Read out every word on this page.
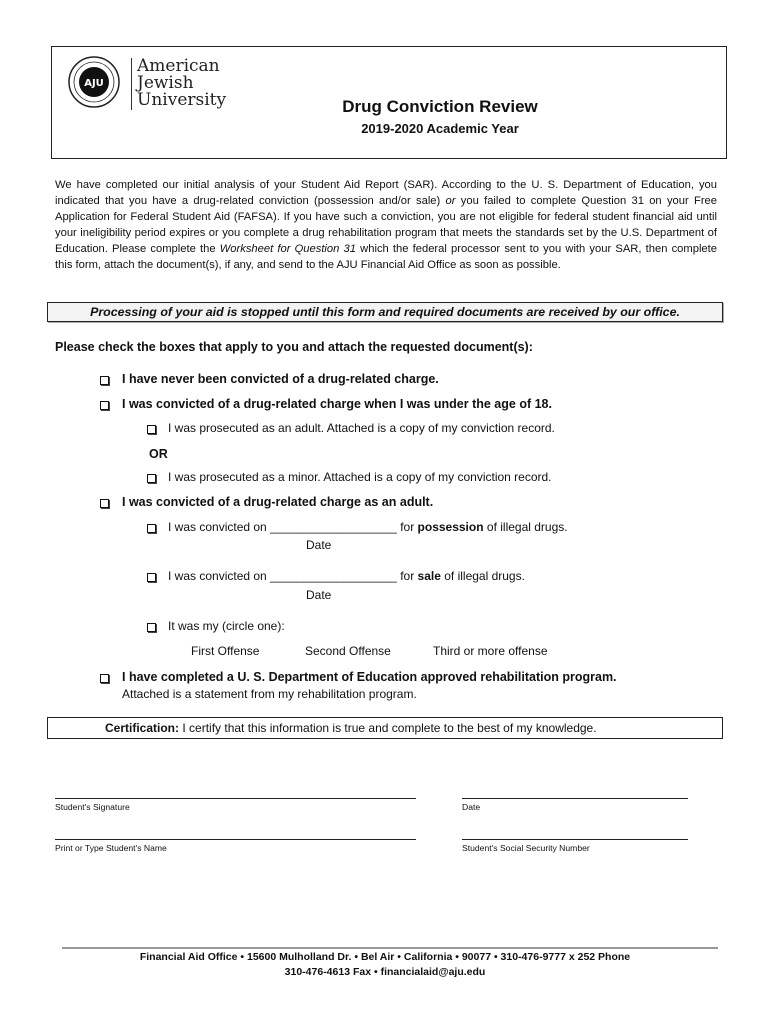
AJU
American
Jewish
University	Drug Conviction Review
2019-2020 Academic Year
We have completed our initial analysis of your Student Aid Report (SAR). According to the U. S. Department of Education, you indicated that you have a drug-related conviction (possession and/or sale) or you failed to complete Question 31 on your Free Application for Federal Student Aid (FAFSA). If you have such a conviction, you are not eligible for federal student financial aid until your ineligibility period expires or you complete a drug rehabilitation program that meets the standards set by the U.S. Department of Education. Please complete the Worksheet for Question 31 which the federal processor sent to you with your SAR, then complete this form, attach the document(s), if any, and send to the AJU Financial Aid Office as soon as possible.
Processing of your aid is stopped until this form and required documents are received by our office.
Please check the boxes that apply to you and attach the requested document(s):
I have never been convicted of a drug-related charge.
I was convicted of a drug-related charge when I was under the age of 18.
I was prosecuted as an adult. Attached is a copy of my conviction record.
OR
I was prosecuted as a minor. Attached is a copy of my conviction record.
I was convicted of a drug-related charge as an adult.
I was convicted on ___________________ for possession of illegal drugs.
Date
I was convicted on ___________________ for sale of illegal drugs.
Date
It was my (circle one):
First Offense	Second Offense	Third or more offense
I have completed a U. S. Department of Education approved rehabilitation program.
Attached is a statement from my rehabilitation program.
Certification: I certify that this information is true and complete to the best of my knowledge.
Student's Signature	Date
Print or Type Student's Name	Student's Social Security Number
Financial Aid Office • 15600 Mulholland Dr. • Bel Air • California • 90077 • 310-476-9777 x 252 Phone
310-476-4613 Fax • financialaid@aju.edu
